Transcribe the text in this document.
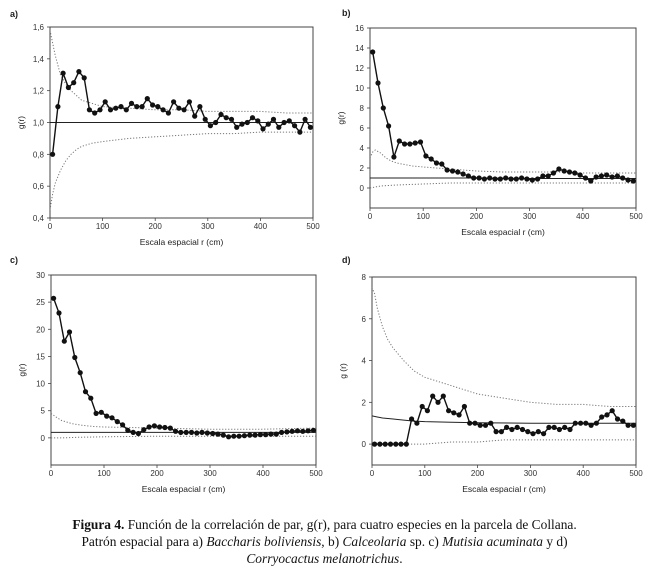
a)
0	100	200	300	400	500
0,4
0,6
0,8
1,0
1,2
1,4
1,6
Escala espacial r (cm)
g(r)
b)
0	100	200	300	400	500
0
2
4
6
8
10
12
14
16
Escala espacial r (cm)
g(r)
c)
0	100	200	300	400	500
0
5
10
15
20
25
30
Escala espacial r (cm)
g(r)
d)
0	100	200	300	400	500
0
2
4
6
8
Escala espacial r (cm)
g (r)
Figura 4. Función de la correlación de par, g(r), para cuatro especies en la parcela de Collana.
Patrón espacial para a) Baccharis boliviensis, b) Calceolaria sp. c) Mutisia acuminata y d)
Corryocactus melanotrichus.
